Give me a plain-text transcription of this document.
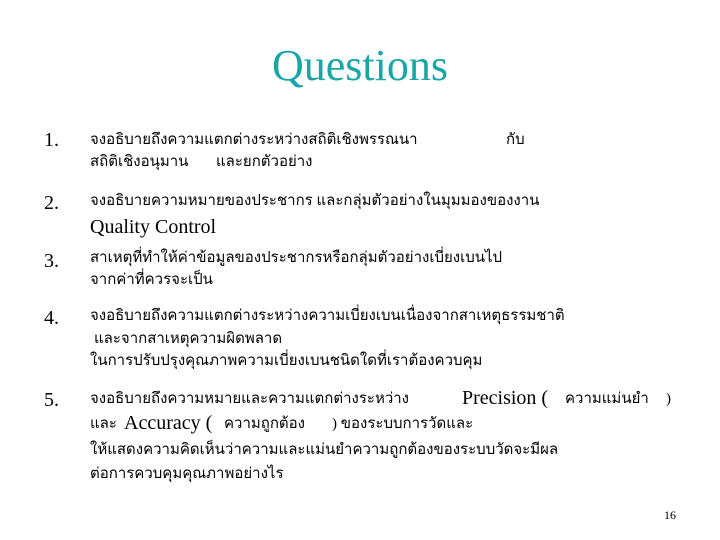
Questions
1. จงอธิบายถึงความแตกต่างระหว่างสถิติเชิงพรรณนา	กับ
สถิติเชิงอนุมาน และยกตัวอย่าง
2. จงอธิบายความหมายของประชากร และกลุ่มตัวอย่างในมุมมองของงาน
Quality Control
3. สาเหตุที่ทำให้ค่าข้อมูลของประชากรหรือกลุ่มตัวอย่างเบี่ยงเบนไป
จากค่าที่ควรจะเป็น
4. จงอธิบายถึงความแตกต่างระหว่างความเบี่ยงเบนเนื่องจากสาเหตุธรรมชาติ
และจากสาเหตุความผิดพลาด
ในการปรับปรุงคุณภาพความเบี่ยงเบนชนิดใดที่เราต้องควบคุม
5. จงอธิบายถึงความหมายและความแตกต่างระหว่าง	Precision ( ความแม่นยำ )
และ Accuracy ( ความถูกต้อง ) ของระบบการวัดและ
ให้แสดงความคิดเห็นว่าความและแม่นยำความถูกต้องของระบบวัดจะมีผล
ต่อการควบคุมคุณภาพอย่างไร
16
